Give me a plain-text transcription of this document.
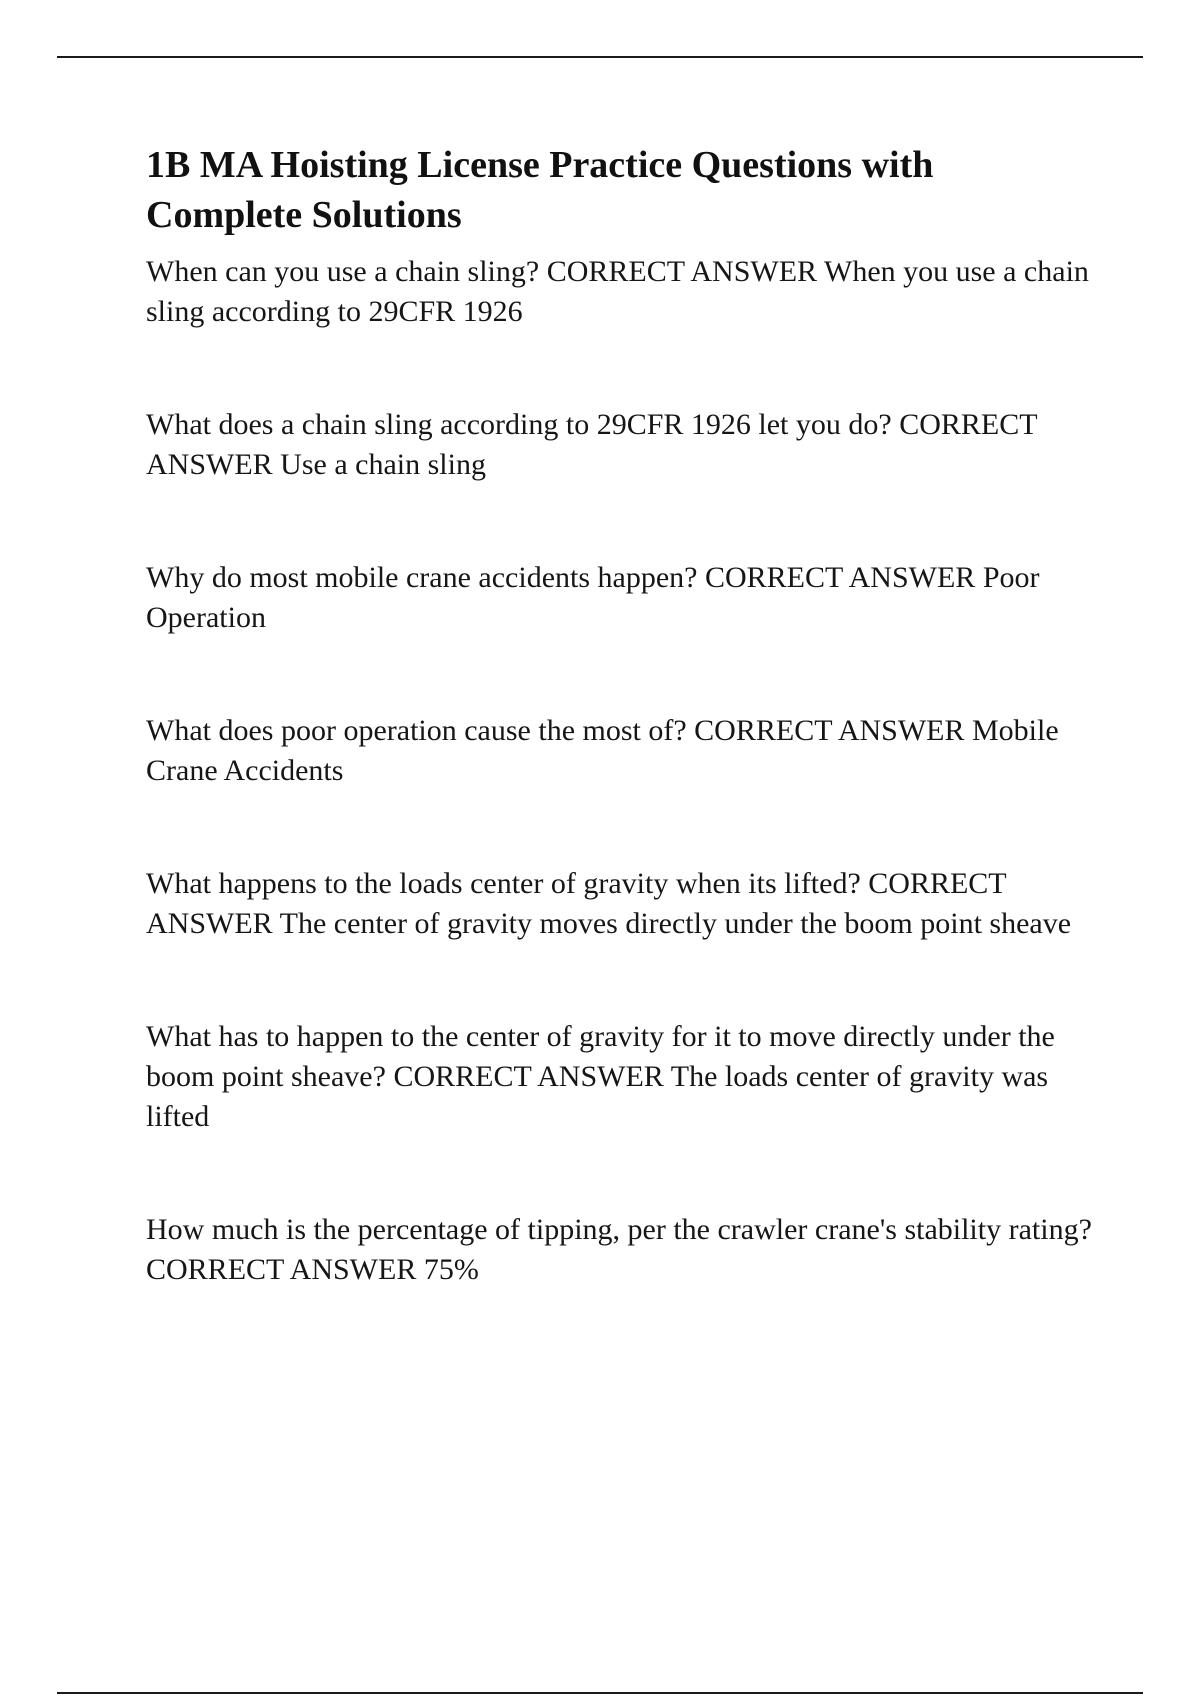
1B MA Hoisting License Practice Questions with Complete Solutions

When can you use a chain sling? CORRECT ANSWER When you use a chain sling according to 29CFR 1926

What does a chain sling according to 29CFR 1926 let you do? CORRECT ANSWER Use a chain sling

Why do most mobile crane accidents happen? CORRECT ANSWER Poor Operation

What does poor operation cause the most of? CORRECT ANSWER Mobile Crane Accidents

What happens to the loads center of gravity when its lifted? CORRECT ANSWER The center of gravity moves directly under the boom point sheave

What has to happen to the center of gravity for it to move directly under the boom point sheave? CORRECT ANSWER The loads center of gravity was lifted

How much is the percentage of tipping, per the crawler crane's stability rating? CORRECT ANSWER 75%
